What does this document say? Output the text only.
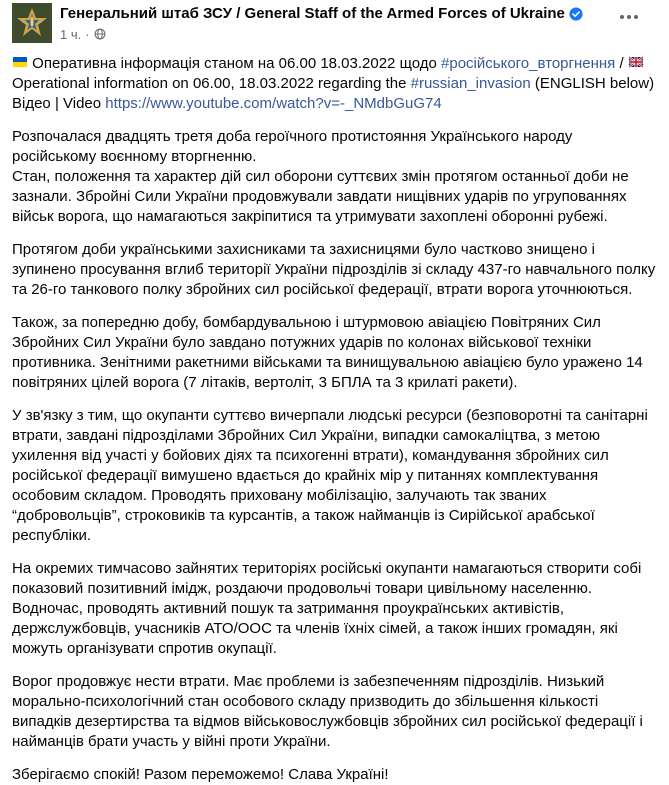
Генеральний штаб ЗСУ / General Staff of the Armed Forces of Ukraine
1 ч. ·
Оперативна інформація станом на 06.00 18.03.2022 щодо #російського_вторгнення /
Operational information on 06.00, 18.03.2022 regarding the #russian_invasion (ENGLISH below)
Відео | Video https://www.youtube.com/watch?v=-_NMdbGuG74

Розпочалася двадцять третя доба героїчного протистояння Українського народу російському воєнному вторгненню.

Стан, положення та характер дій сил оборони суттєвих змін протягом останньої доби не зазнали. Збройні Сили України продовжували завдати нищівних ударів по угрупованнях військ ворога, що намагаються закріпитися та утримувати захоплені оборонні рубежі.

Протягом доби українськими захисниками та захисницями було частково знищено і зупинено просування вглиб території України підрозділів зі складу 437-го навчального полку та 26-го танкового полку збройних сил російської федерації, втрати ворога уточнюються.

Також, за попередню добу, бомбардувальною і штурмовою авіацією Повітряних Сил Збройних Сил України було завдано потужних ударів по колонах військової техніки противника. Зенітними ракетними військами та винищувальною авіацією було уражено 14 повітряних цілей ворога (7 літаків, вертоліт, 3 БПЛА та 3 крилаті ракети).

У зв'язку з тим, що окупанти суттєво вичерпали людські ресурси (безповоротні та санітарні втрати, завдані підрозділами Збройних Сил України, випадки самокаліцтва, з метою ухилення від участі у бойових діях та психогенні втрати), командування збройних сил російської федерації вимушено вдається до крайніх мір у питаннях комплектування особовим складом. Проводять приховану мобілізацію, залучають так званих “добровольців”, строковиків та курсантів, а також найманців із Сирійської арабської республіки.

На окремих тимчасово зайнятих територіях російські окупанти намагаються створити собі показовий позитивний імідж, роздаючи продовольчі товари цивільному населенню.

Водночас, проводять активний пошук та затримання проукраїнських активістів, держслужбовців, учасників АТО/ООС та членів їхніх сімей, а також інших громадян, які можуть організувати спротив окупації.

Ворог продовжує нести втрати. Має проблеми із забезпеченням підрозділів. Низький морально-психологічний стан особового складу призводить до збільшення кількості випадків дезертирства та відмов військовослужбовців збройних сил російської федерації і найманців брати участь у війні проти України.

Зберігаємо спокій! Разом переможемо! Слава Україні!
